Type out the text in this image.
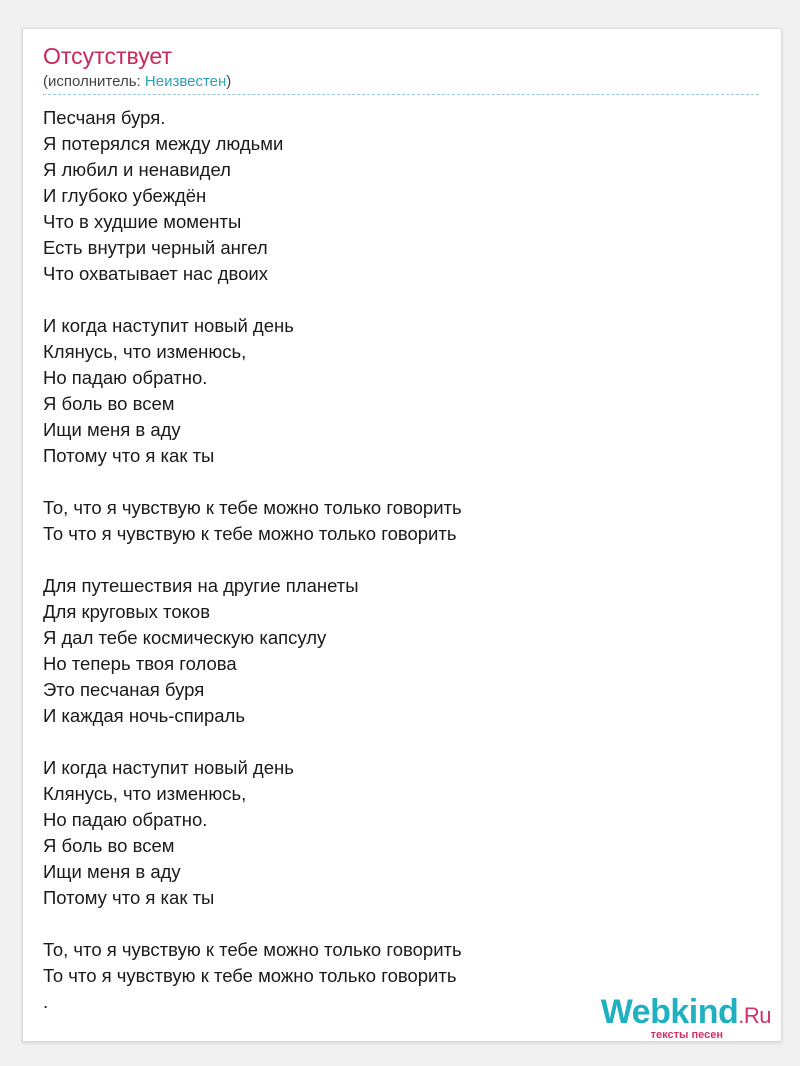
Отсутствует
(исполнитель: Неизвестен)
Песчаня буря.
Я потерялся между людьми
Я любил и ненавидел
И глубоко убеждён
Что в худшие моменты
Есть внутри черный ангел
Что охватывает нас двоих
И когда наступит новый день
Клянусь, что изменюсь,
Но падаю обратно.
Я боль во всем
Ищи меня в аду
Потому что я как ты
То, что я чувствую к тебе можно только говорить
То что я чувствую к тебе можно только говорить
Для путешествия на другие планеты
Для круговых токов
Я дал тебе космическую капсулу
Но теперь твоя голова
Это песчаная буря
И каждая ночь-спираль
И когда наступит новый день
Клянусь, что изменюсь,
Но падаю обратно.
Я боль во всем
Ищи меня в аду
Потому что я как ты
То, что я чувствую к тебе можно только говорить
То что я чувствую к тебе можно только говорить
.	Webkind.Ru
тексты песен
